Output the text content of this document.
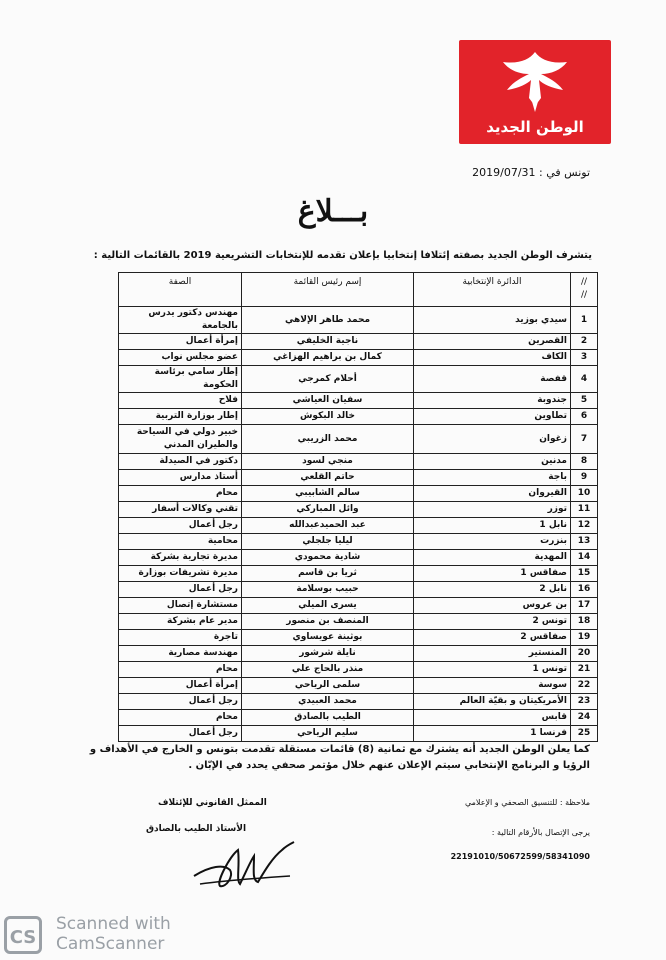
الوطن الجديد
تونس في : 2019/07/31
بـــلاغ
يتشرف الوطن الجديد بصفته إئتلافا إنتخابيا بإعلان تقدمه للإنتخابات التشريعية 2019 بالقائمات التالية :
//
//	الدائرة الإنتخابية	إسم رئيس القائمة	الصفة
1	سيدي بوزيد	محمد طاهر الإلاهي	مهندس دكتور يدرس بالجامعة
2	القصرين	ناجية الخليفي	إمرأة أعمال
3	الكاف	كمال بن براهيم الهزاغي	عضو مجلس نواب
4	قفصة	أحلام كمرجي	إطار سامي برئاسة الحكومة
5	جندوبة	سفيان العياشي	فلاح
6	تطاوين	خالد البكوش	إطار بوزارة التربية
7	زغوان	محمد الزريبي	خبير دولي في السياحة والطيران المدني
8	مدنين	منجي لسود	دكتور في الصيدلة
9	باجة	حاتم القلعي	أستاذ مدارس
10	القيروان	سالم الشابيبي	محام
11	توزر	وائل المباركي	تقني وكالات أسفار
12	نابل 1	عبد الحميدعبدالله	رجل أعمال
13	بنزرت	ليليا جلجلي	محامية
14	المهدية	شادية محمودي	مديرة تجارية بشركة
15	صفاقس 1	ثريا بن قاسم	مديرة تشريفات بوزارة
16	نابل 2	حبيب بوسلامة	رجل أعمال
17	بن عروس	يسرى الميلي	مستشارة إتصال
18	تونس 2	المنصف بن منصور	مدير عام بشركة
19	صفاقس 2	بوثينة عويساوي	تاجرة
20	المنستير	نايلة شرشور	مهندسة مصارية
21	تونس 1	منذر بالحاج علي	محام
22	سوسة	سلمى الرياحي	إمرأة أعمال
23	الأمريكيتان و بقيّة العالم	محمد العبيدي	رجل أعمال
24	قابس	الطيب بالصادق	محام
25	فرنسا 1	سليم الرياحي	رجل أعمال
كما يعلن الوطن الجديد أنه يشترك مع ثمانية (8) قائمات مستقلة تقدمت بتونس و الخارج في الأهداف و الرؤيا و البرنامج الإنتخابي سيتم الإعلان عنهم خلال مؤتمر صحفي يحدد في الإبّان .
ملاحظة : للتنسيق الصحفي و الإعلامي
يرجى الإتصال بالأرقام التالية :
22191010/50672599/58341090
الممثل القانوني للإئتلاف
الأستاذ الطيب بالصادق
CS
Scanned with
CamScanner
